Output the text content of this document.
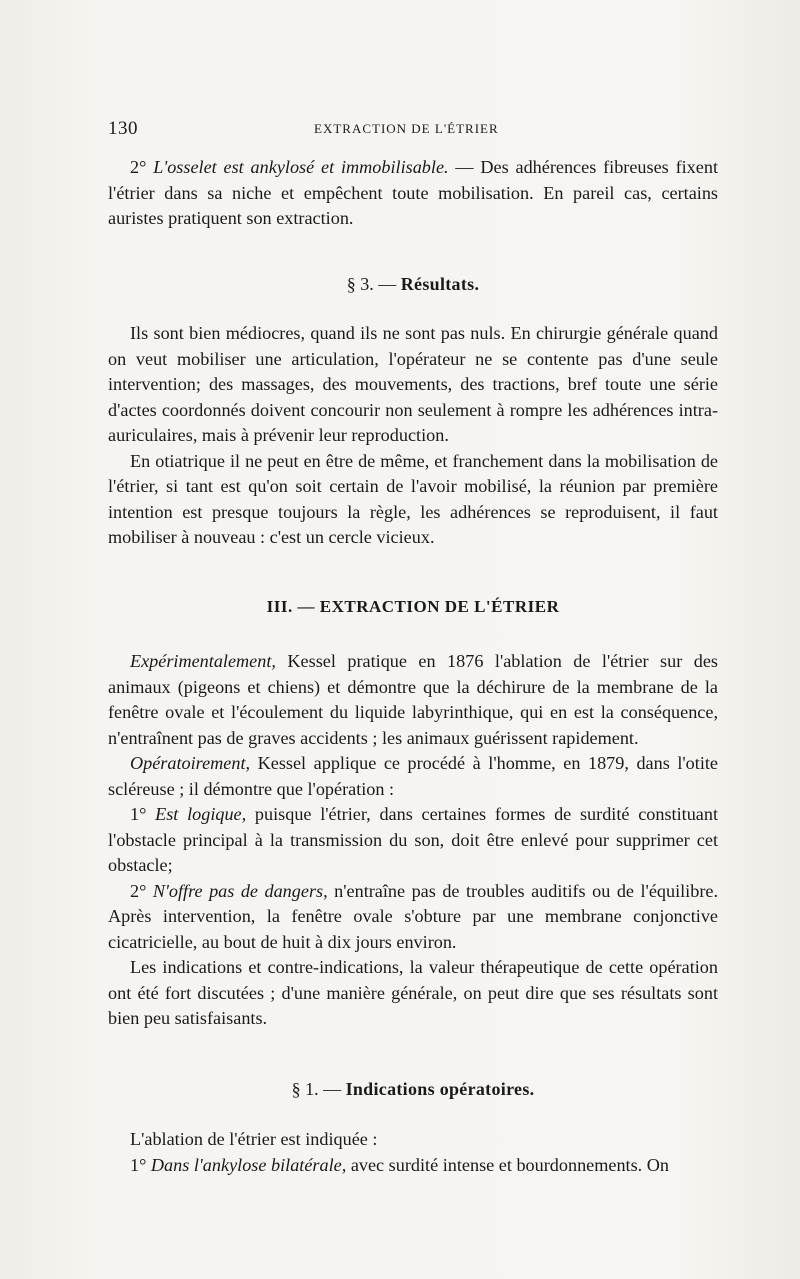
130	EXTRACTION DE L'ÉTRIER

2° L'osselet est ankylosé et immobilisable. — Des adhérences fibreuses fixent l'étrier dans sa niche et empêchent toute mobilisation. En pareil cas, certains auristes pratiquent son extraction.

§ 3. — Résultats.

Ils sont bien médiocres, quand ils ne sont pas nuls. En chirurgie générale quand on veut mobiliser une articulation, l'opérateur ne se contente pas d'une seule intervention; des massages, des mouvements, des tractions, bref toute une série d'actes coordonnés doivent concourir non seulement à rompre les adhérences intra-auriculaires, mais à prévenir leur reproduction.

En otiatrique il ne peut en être de même, et franchement dans la mobilisation de l'étrier, si tant est qu'on soit certain de l'avoir mobilisé, la réunion par première intention est presque toujours la règle, les adhérences se reproduisent, il faut mobiliser à nouveau : c'est un cercle vicieux.

III. — EXTRACTION DE L'ÉTRIER

Expérimentalement, Kessel pratique en 1876 l'ablation de l'étrier sur des animaux (pigeons et chiens) et démontre que la déchirure de la membrane de la fenêtre ovale et l'écoulement du liquide labyrinthique, qui en est la conséquence, n'entraînent pas de graves accidents ; les animaux guérissent rapidement.

Opératoirement, Kessel applique ce procédé à l'homme, en 1879, dans l'otite scléreuse ; il démontre que l'opération :

1° Est logique, puisque l'étrier, dans certaines formes de surdité constituant l'obstacle principal à la transmission du son, doit être enlevé pour supprimer cet obstacle;

2° N'offre pas de dangers, n'entraîne pas de troubles auditifs ou de l'équilibre. Après intervention, la fenêtre ovale s'obture par une membrane conjonctive cicatricielle, au bout de huit à dix jours environ.

Les indications et contre-indications, la valeur thérapeutique de cette opération ont été fort discutées ; d'une manière générale, on peut dire que ses résultats sont bien peu satisfaisants.

§ 1. — Indications opératoires.

L'ablation de l'étrier est indiquée :

1° Dans l'ankylose bilatérale, avec surdité intense et bourdonnements. On
